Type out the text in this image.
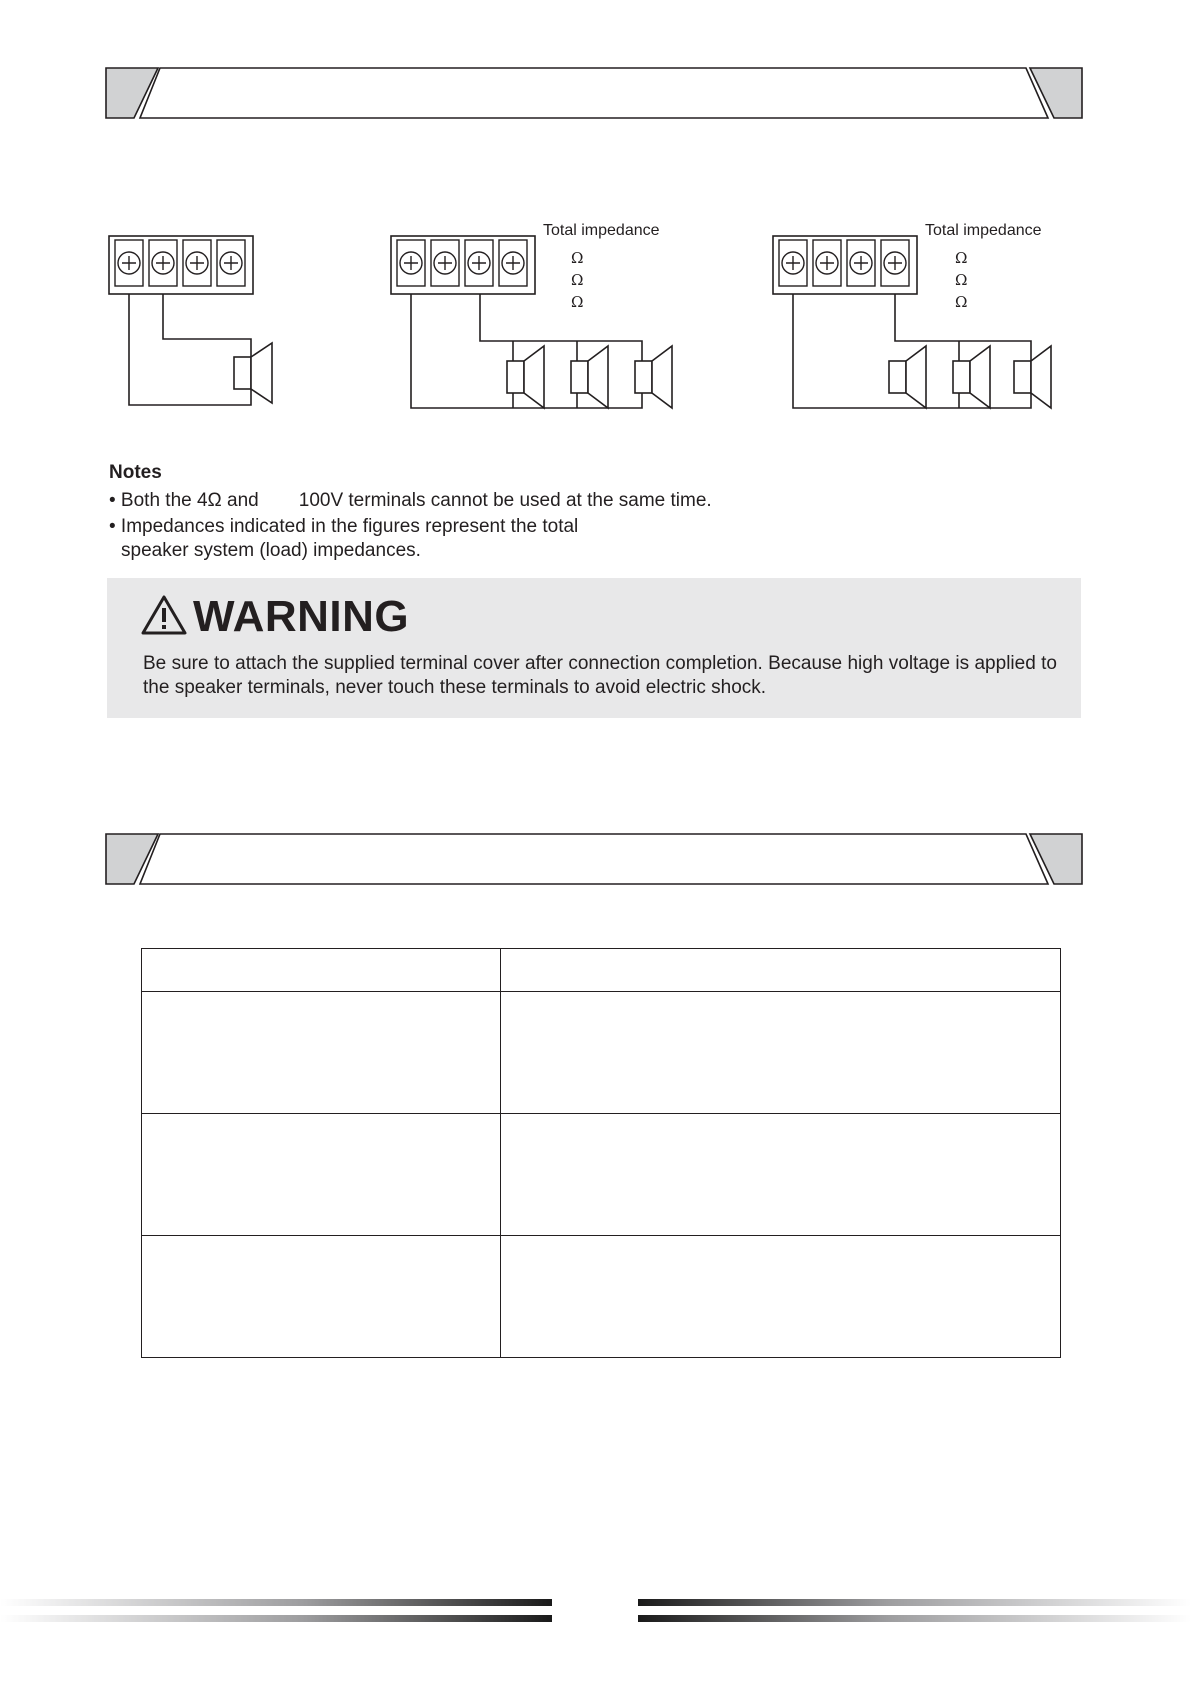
Total impedance
Ω
Ω
Ω
Total impedance
Ω
Ω
Ω
Notes
• Both the 4Ω and 100V terminals cannot be used at the same time.
• Impedances indicated in the figures represent the total
speaker system (load) impedances.
WARNING
Be sure to attach the supplied terminal cover after connection completion. Because high voltage is applied to the speaker terminals, never touch these terminals to avoid electric shock.
